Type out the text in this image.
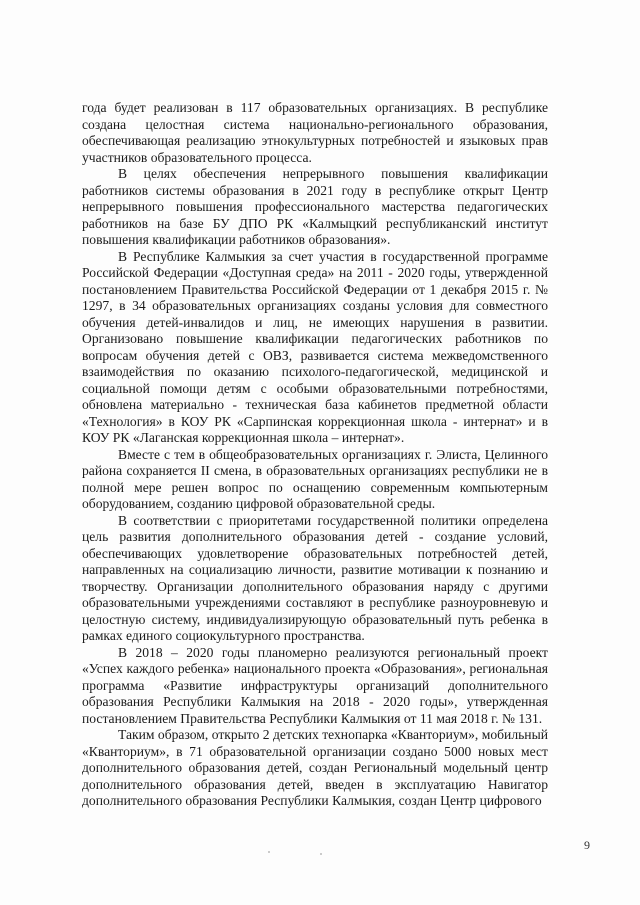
года будет реализован в 117 образовательных организациях. В республике создана целостная система национально-регионального образования, обеспечивающая реализацию этнокультурных потребностей и языковых прав участников образовательного процесса.

В целях обеспечения непрерывного повышения квалификации работников системы образования в 2021 году в республике открыт Центр непрерывного повышения профессионального мастерства педагогических работников на базе БУ ДПО РК «Калмыцкий республиканский институт повышения квалификации работников образования».

В Республике Калмыкия за счет участия в государственной программе Российской Федерации «Доступная среда» на 2011 - 2020 годы, утвержденной постановлением Правительства Российской Федерации от 1 декабря 2015 г. № 1297, в 34 образовательных организациях созданы условия для совместного обучения детей-инвалидов и лиц, не имеющих нарушения в развитии. Организовано повышение квалификации педагогических работников по вопросам обучения детей с ОВЗ, развивается система межведомственного взаимодействия по оказанию психолого-педагогической, медицинской и социальной помощи детям с особыми образовательными потребностями, обновлена материально - техническая база кабинетов предметной области «Технология» в КОУ РК «Сарпинская коррекционная школа - интернат» и в КОУ РК «Лаганская коррекционная школа – интернат».

Вместе с тем в общеобразовательных организациях г. Элиста, Целинного района сохраняется II смена, в образовательных организациях республики не в полной мере решен вопрос по оснащению современным компьютерным оборудованием, созданию цифровой образовательной среды.

В соответствии с приоритетами государственной политики определена цель развития дополнительного образования детей - создание условий, обеспечивающих удовлетворение образовательных потребностей детей, направленных на социализацию личности, развитие мотивации к познанию и творчеству. Организации дополнительного образования наряду с другими образовательными учреждениями составляют в республике разноуровневую и целостную систему, индивидуализирующую образовательный путь ребенка в рамках единого социокультурного пространства.

В 2018 – 2020 годы планомерно реализуются региональный проект «Успех каждого ребенка» национального проекта «Образования», региональная программа «Развитие инфраструктуры организаций дополнительного образования Республики Калмыкия на 2018 - 2020 годы», утвержденная постановлением Правительства Республики Калмыкия от 11 мая 2018 г. № 131.

Таким образом, открыто 2 детских технопарка «Кванториум», мобильный «Кванториум», в 71 образовательной организации создано 5000 новых мест дополнительного образования детей, создан Региональный модельный центр дополнительного образования детей, введен в эксплуатацию Навигатор дополнительного образования Республики Калмыкия, создан Центр цифрового

9
